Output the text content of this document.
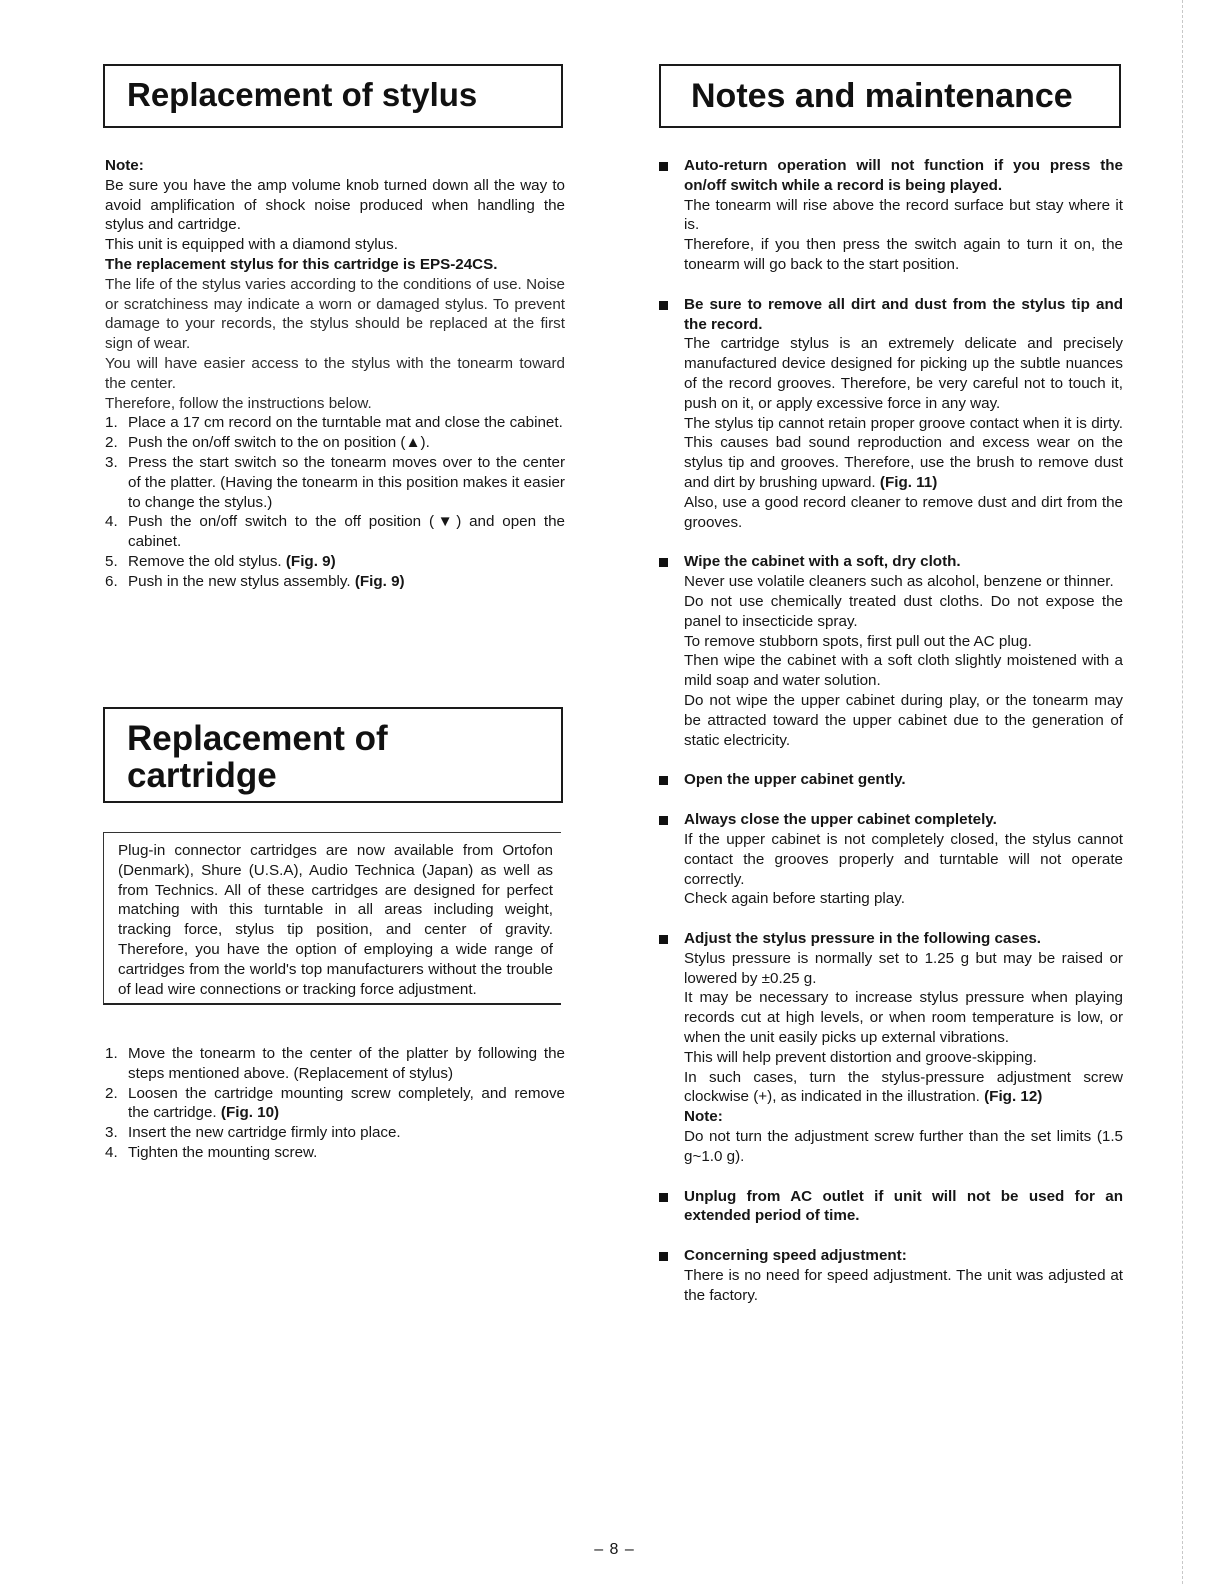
Replacement of stylus

Note:

Be sure you have the amp volume knob turned down all the way to avoid amplification of shock noise produced when handling the stylus and cartridge.

This unit is equipped with a diamond stylus.

The replacement stylus for this cartridge is EPS-24CS.

The life of the stylus varies according to the conditions of use. Noise or scratchiness may indicate a worn or damaged stylus. To prevent damage to your records, the stylus should be replaced at the first sign of wear.

You will have easier access to the stylus with the tonearm toward the center.

Therefore, follow the instructions below.

1. Place a 17 cm record on the turntable mat and close the cabinet.
2. Push the on/off switch to the on position (▲).
3. Press the start switch so the tonearm moves over to the center of the platter. (Having the tonearm in this position makes it easier to change the stylus.)
4. Push the on/off switch to the off position (▼) and open the cabinet.
5. Remove the old stylus. (Fig. 9)
6. Push in the new stylus assembly. (Fig. 9)
Replacement of
cartridge
Plug-in connector cartridges are now available from Ortofon (Denmark), Shure (U.S.A), Audio Technica (Japan) as well as from Technics. All of these cartridges are designed for perfect matching with this turntable in all areas including weight, tracking force, stylus tip position, and center of gravity. Therefore, you have the option of employing a wide range of cartridges from the world's top manufacturers without the trouble of lead wire connections or tracking force adjustment.
1. Move the tonearm to the center of the platter by following the steps mentioned above. (Replacement of stylus)
2. Loosen the cartridge mounting screw completely, and remove the cartridge. (Fig. 10)
3. Insert the new cartridge firmly into place.
4. Tighten the mounting screw.
Notes and maintenance

Auto-return operation will not function if you press the on/off switch while a record is being played.

The tonearm will rise above the record surface but stay where it is.

Therefore, if you then press the switch again to turn it on, the tonearm will go back to the start position.

Be sure to remove all dirt and dust from the stylus tip and the record.

The cartridge stylus is an extremely delicate and precisely manufactured device designed for picking up the subtle nuances of the record grooves. Therefore, be very careful not to touch it, push on it, or apply excessive force in any way.

The stylus tip cannot retain proper groove contact when it is dirty. This causes bad sound reproduction and excess wear on the stylus tip and grooves. Therefore, use the brush to remove dust and dirt by brushing upward. (Fig. 11)

Also, use a good record cleaner to remove dust and dirt from the grooves.

Wipe the cabinet with a soft, dry cloth.

Never use volatile cleaners such as alcohol, benzene or thinner.

Do not use chemically treated dust cloths. Do not expose the panel to insecticide spray.

To remove stubborn spots, first pull out the AC plug.

Then wipe the cabinet with a soft cloth slightly moistened with a mild soap and water solution.

Do not wipe the upper cabinet during play, or the tonearm may be attracted toward the upper cabinet due to the generation of static electricity.

Open the upper cabinet gently.

Always close the upper cabinet completely.

If the upper cabinet is not completely closed, the stylus cannot contact the grooves properly and turntable will not operate correctly.

Check again before starting play.

Adjust the stylus pressure in the following cases.

Stylus pressure is normally set to 1.25 g but may be raised or lowered by ±0.25 g.

It may be necessary to increase stylus pressure when playing records cut at high levels, or when room temperature is low, or when the unit easily picks up external vibrations.

This will help prevent distortion and groove-skipping.

In such cases, turn the stylus-pressure adjustment screw clockwise (+), as indicated in the illustration. (Fig. 12)

Note:

Do not turn the adjustment screw further than the set limits (1.5 g~1.0 g).

Unplug from AC outlet if unit will not be used for an extended period of time.

Concerning speed adjustment:

There is no need for speed adjustment. The unit was adjusted at the factory.

– 8 –
